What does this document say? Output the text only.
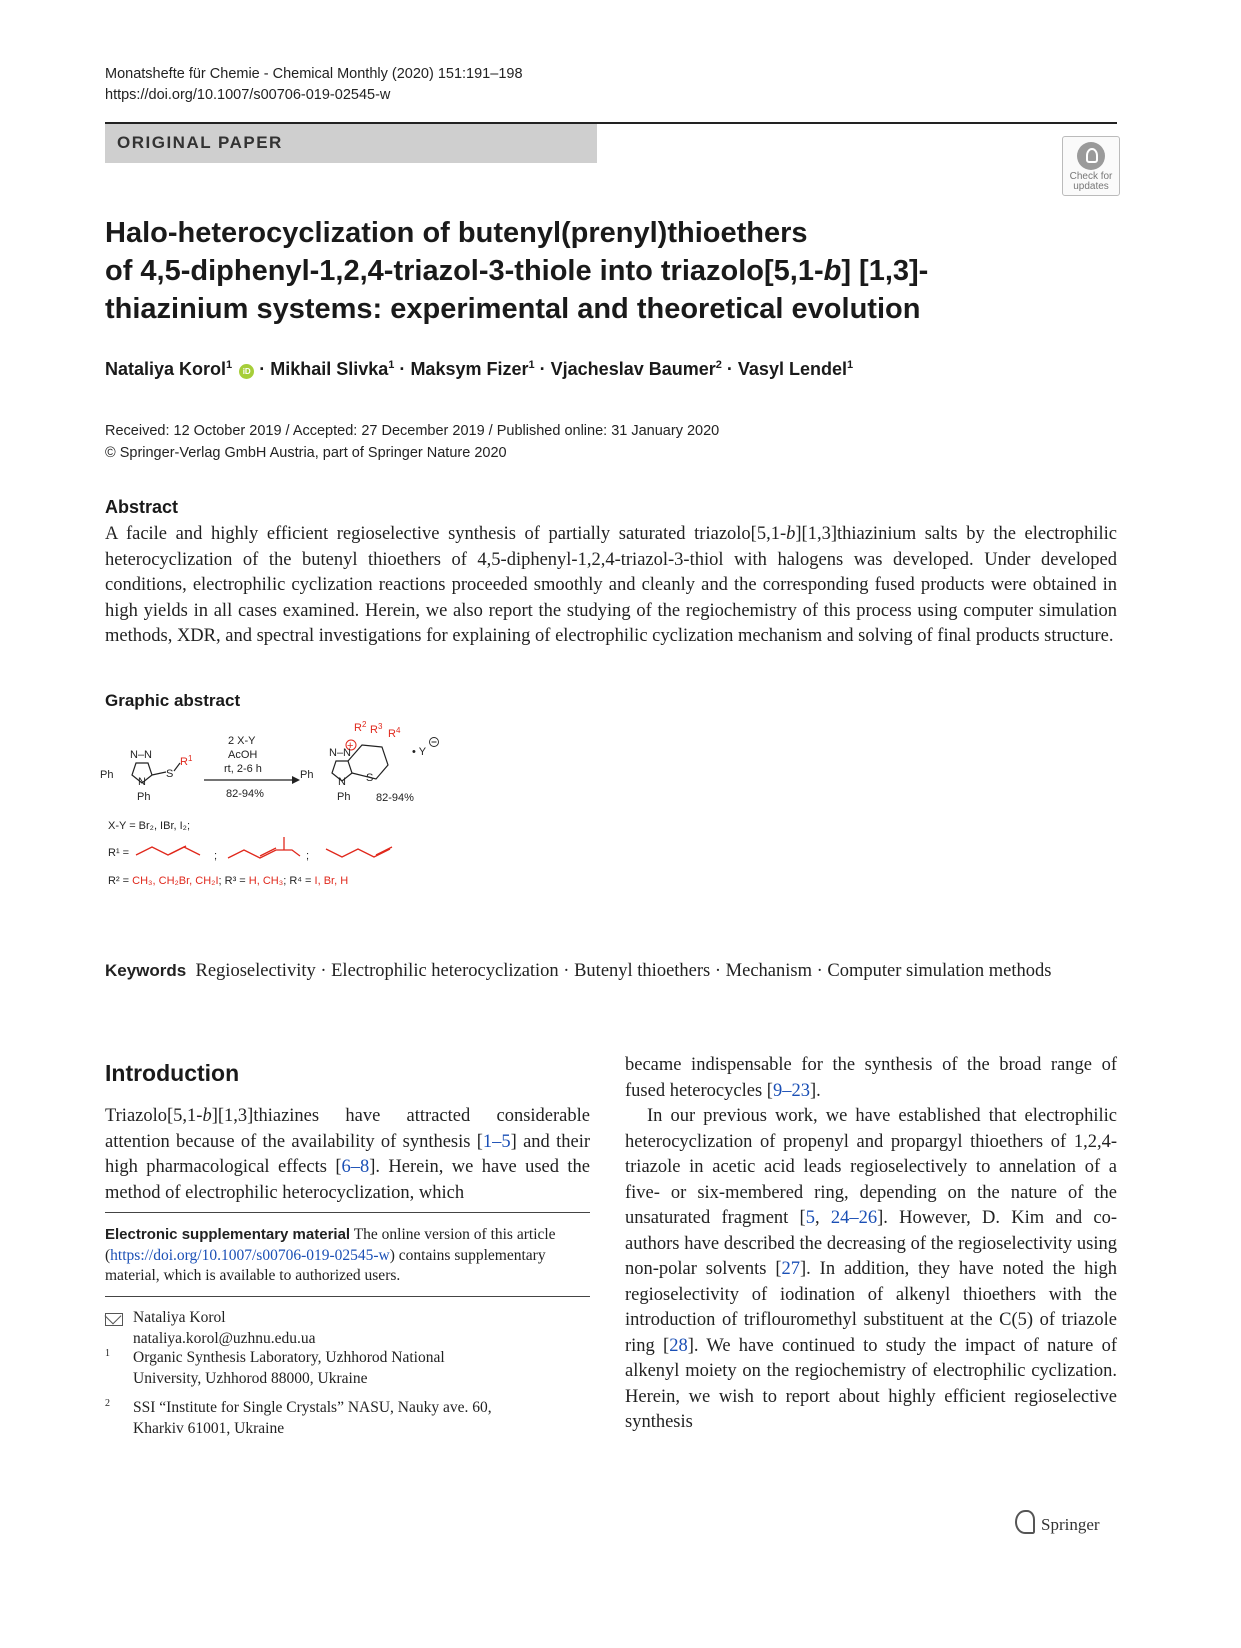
Monatshefte für Chemie - Chemical Monthly (2020) 151:191–198
https://doi.org/10.1007/s00706-019-02545-w
ORIGINAL PAPER
Check for
updates
Halo-heterocyclization of butenyl(prenyl)thioethers
of 4,5-diphenyl-1,2,4-triazol-3-thiole into triazolo[5,1-b] [1,3]-
thiazinium systems: experimental and theoretical evolution
Nataliya Korol$^1$ iD · Mikhail Slivka$^1$ · Maksym Fizer$^1$ · Vjacheslav Baumer$^2$ · Vasyl Lendel$^1$
Received: 12 October 2019 / Accepted: 27 December 2019 / Published online: 31 January 2020
© Springer-Verlag GmbH Austria, part of Springer Nature 2020
Abstract
A facile and highly efficient regioselective synthesis of partially saturated triazolo[5,1-b][1,3]thiazinium salts by the electrophilic heterocyclization of the butenyl thioethers of 4,5-diphenyl-1,2,4-triazol-3-thiol with halogens was developed. Under developed conditions, electrophilic cyclization reactions proceeded smoothly and cleanly and the corresponding fused products were obtained in high yields in all cases examined. Herein, we also report the studying of the regiochemistry of this process using computer simulation methods, XDR, and spectral investigations for explaining of electrophilic cyclization mechanism and solving of final products structure.
Graphic abstract
N–N
N
Ph
Ph
S
$R^1$
2 X-Y
AcOH
rt, 2-6 h
82-94%
Ph
+
N–N
N
Ph
S
$R^2$ $R^3$
$R^4$
• Y
82-94%
X-Y = Br₂, IBr, I₂;
R¹ =	;	;
R² = CH₃, CH₂Br, CH₂I; R³ = H, CH₃; R⁴ = I, Br, H
Keywords Regioselectivity · Electrophilic heterocyclization · Butenyl thioethers · Mechanism · Computer simulation methods
Introduction
Triazolo[5,1-b][1,3]thiazines have attracted considerable attention because of the availability of synthesis [1–5] and their high pharmacological effects [6–8]. Herein, we have used the method of electrophilic heterocyclization, which

became indispensable for the synthesis of the broad range of fused heterocycles [9–23].

In our previous work, we have established that electrophilic heterocyclization of propenyl and propargyl thioethers of 1,2,4-triazole in acetic acid leads regioselectively to annelation of a five- or six-membered ring, depending on the nature of the unsaturated fragment [5, 24–26]. However, D. Kim and co-authors have described the decreasing of the regioselectivity using non-polar solvents [27]. In addition, they have noted the high regioselectivity of iodination of alkenyl thioethers with the introduction of triflouromethyl substituent at the C(5) of triazole ring [28]. We have continued to study the impact of nature of alkenyl moiety on the regiochemistry of electrophilic cyclization. Herein, we wish to report about highly efficient regioselective synthesis

Electronic supplementary material The online version of this article (https://doi.org/10.1007/s00706-019-02545-w) contains supplementary material, which is available to authorized users.
Nataliya Korol
nataliya.korol@uzhnu.edu.ua
1 Organic Synthesis Laboratory, Uzhhorod National
University, Uzhhorod 88000, Ukraine
2 SSI “Institute for Single Crystals” NASU, Nauky ave. 60,
Kharkiv 61001, Ukraine
Springer
